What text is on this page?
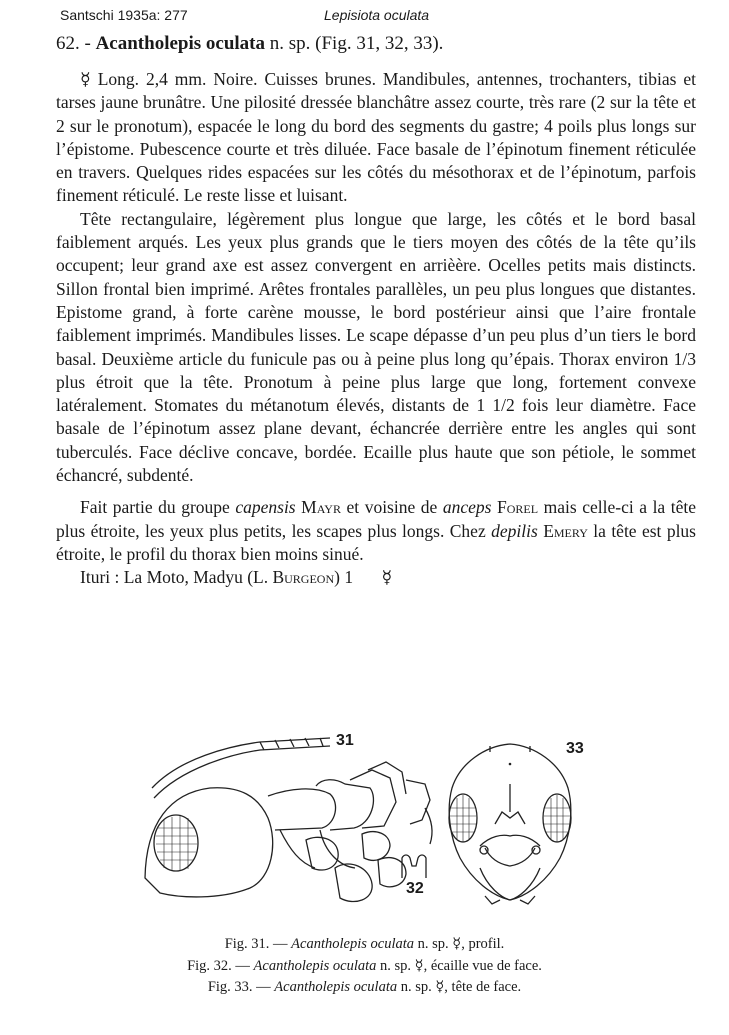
Santschi 1935a: 277	Lepisiota oculata
62. - Acantholepis oculata n. sp. (Fig. 31, 32, 33).

☿ Long. 2,4 mm. Noire. Cuisses brunes. Mandibules, antennes, trochanters, tibias et tarses jaune brunâtre. Une pilosité dressée blanchâtre assez courte, très rare (2 sur la tête et 2 sur le pronotum), espacée le long du bord des segments du gastre; 4 poils plus longs sur l’épistome. Pubescence courte et très diluée. Face basale de l’épinotum finement réticulée en travers. Quelques rides espacées sur les côtés du mésothorax et de l’épinotum, parfois finement réticulé. Le reste lisse et luisant.

Tête rectangulaire, légèrement plus longue que large, les côtés et le bord basal faiblement arqués. Les yeux plus grands que le tiers moyen des côtés de la tête qu’ils occupent; leur grand axe est assez convergent en arrièère. Ocelles petits mais distincts. Sillon frontal bien imprimé. Arêtes frontales parallèles, un peu plus longues que distantes. Epistome grand, à forte carène mousse, le bord postérieur ainsi que l’aire frontale faiblement imprimés. Mandibules lisses. Le scape dépasse d’un peu plus d’un tiers le bord basal. Deuxième article du funicule pas ou à peine plus long qu’épais. Thorax environ 1/3 plus étroit que la tête. Pronotum à peine plus large que long, fortement convexe latéralement. Stomates du métanotum élevés, distants de 1 1/2 fois leur diamètre. Face basale de l’épinotum assez plane devant, échancrée derrière entre les angles qui sont tuberculés. Face déclive concave, bordée. Ecaille plus haute que son pétiole, le sommet échancré, subdenté.

Fait partie du groupe capensis Mayr et voisine de anceps Forel mais celle-ci a la tête plus étroite, les yeux plus petits, les scapes plus longs. Chez depilis Emery la tête est plus étroite, le profil du thorax bien moins sinué.

Ituri : La Moto, Madyu (L. Burgeon) 1 ☿

31
32
33
Fig. 31. — Acantholepis oculata n. sp. ☿, profil.
Fig. 32. — Acantholepis oculata n. sp. ☿, écaille vue de face.
Fig. 33. — Acantholepis oculata n. sp. ☿, tête de face.
